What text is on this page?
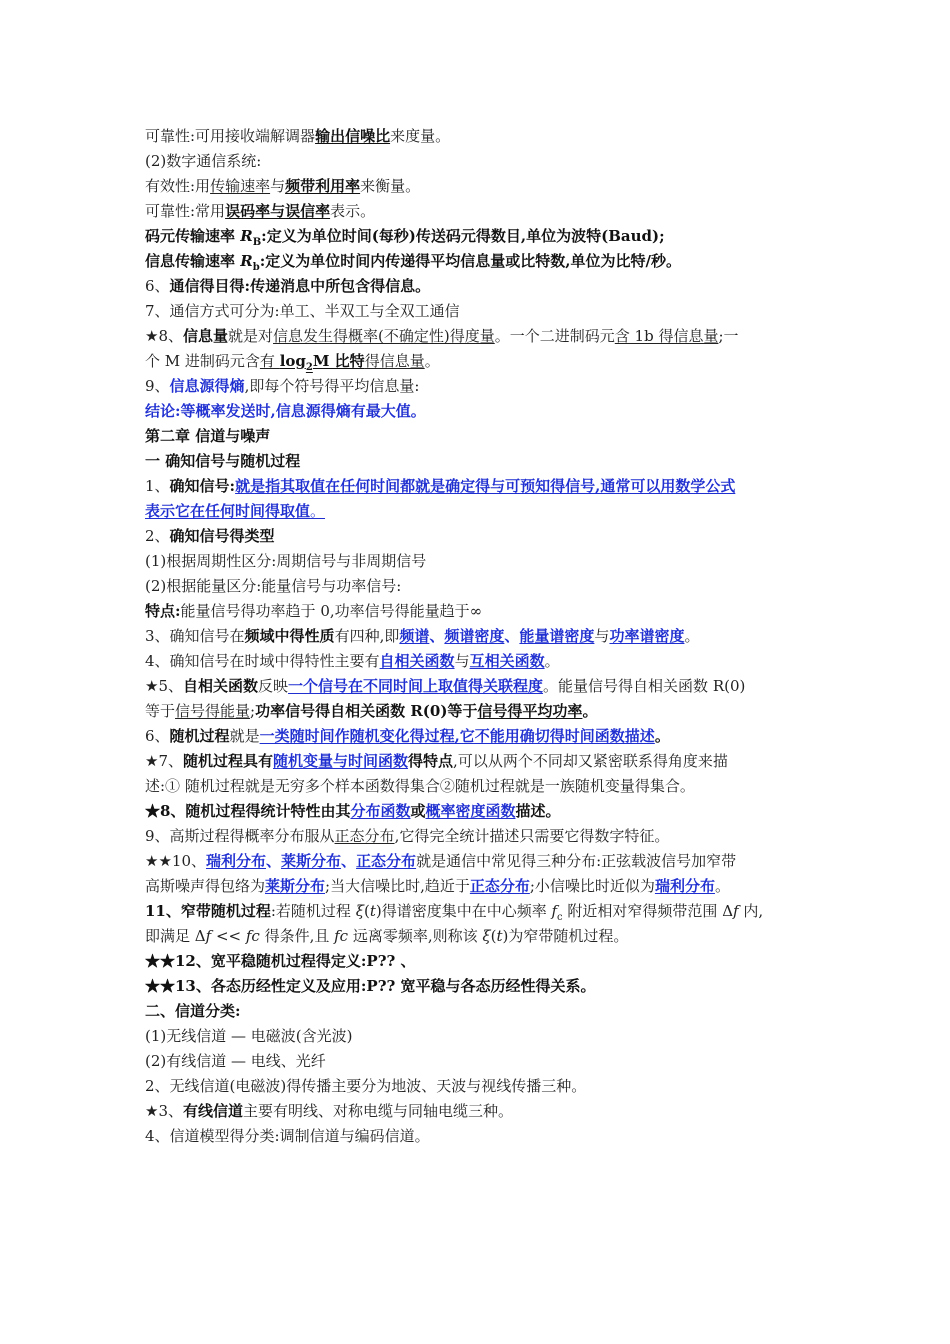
可靠性:可用接收端解调器输出信噪比来度量。
(2)数字通信系统:
有效性:用传输速率与频带利用率来衡量。
可靠性:常用误码率与误信率表示。
码元传输速率 $R_B$:定义为单位时间(每秒)传送码元得数目,单位为波特(Baud);
信息传输速率 $R_b$:定义为单位时间内传递得平均信息量或比特数,单位为比特/秒。
6、通信得目得:传递消息中所包含得信息。
7、通信方式可分为:单工、半双工与全双工通信
★8、信息量就是对信息发生得概率(不确定性)得度量。一个二进制码元含 1b 得信息量;一
个 M 进制码元含有 $\log_2M$ 比特得信息量。
9、信息源得熵,即每个符号得平均信息量:
结论:等概率发送时,信息源得熵有最大值。
第二章 信道与噪声
一 确知信号与随机过程
1、确知信号:就是指其取值在任何时间都就是确定得与可预知得信号,通常可以用数学公式
表示它在任何时间得取值。
2、确知信号得类型
(1)根据周期性区分:周期信号与非周期信号
(2)根据能量区分:能量信号与功率信号:
特点:能量信号得功率趋于 0,功率信号得能量趋于∞
3、确知信号在频域中得性质有四种,即频谱、频谱密度、能量谱密度与功率谱密度。
4、确知信号在时域中得特性主要有自相关函数与互相关函数。
★5、自相关函数反映一个信号在不同时间上取值得关联程度。能量信号得自相关函数 R(0)
等于信号得能量;功率信号得自相关函数 R(0)等于信号得平均功率。
6、随机过程就是一类随时间作随机变化得过程,它不能用确切得时间函数描述。
★7、随机过程具有随机变量与时间函数得特点,可以从两个不同却又紧密联系得角度来描
述:① 随机过程就是无穷多个样本函数得集合②随机过程就是一族随机变量得集合。
★8、随机过程得统计特性由其分布函数或概率密度函数描述。
9、高斯过程得概率分布服从正态分布,它得完全统计描述只需要它得数字特征。
★★10、瑞利分布、莱斯分布、正态分布就是通信中常见得三种分布:正弦载波信号加窄带
高斯噪声得包络为莱斯分布;当大信噪比时,趋近于正态分布;小信噪比时近似为瑞利分布。
11、窄带随机过程:若随机过程 ξ(t)得谱密度集中在中心频率 $f_c$ 附近相对窄得频带范围 Δf 内,
即满足 Δf << fc 得条件,且 fc 远离零频率,则称该 ξ(t)为窄带随机过程。
★★12、宽平稳随机过程得定义:P?? 、
★★13、各态历经性定义及应用:P?? 宽平稳与各态历经性得关系。
二、信道分类:
(1)无线信道 — 电磁波(含光波)
(2)有线信道 — 电线、光纤
2、无线信道(电磁波)得传播主要分为地波、天波与视线传播三种。
★3、有线信道主要有明线、对称电缆与同轴电缆三种。
4、信道模型得分类:调制信道与编码信道。
